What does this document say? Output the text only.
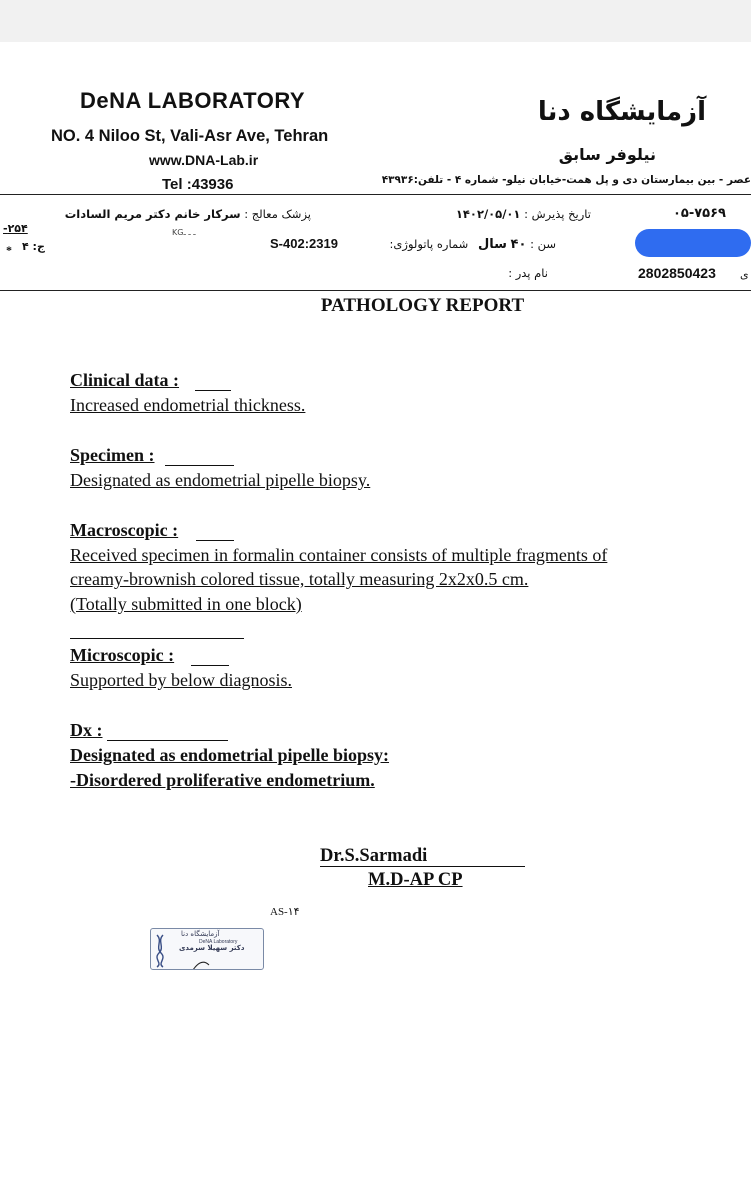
DeNA LABORATORY
NO. 4 Niloo St, Vali-Asr Ave, Tehran
www.DNA-Lab.ir
Tel :43936
آزمایشگاه دنا
نیلوفر سابق
عصر - بین بیمارستان دی و پل همت-خیابان نیلو- شماره ۴ - تلفن:۴۳۹۳۶
پزشک معالج : سرکار خانم دکتر مریم السادات
ـ ـ ـKG
تاریخ پذیرش : ۱۴۰۲/۰۵/۰۱	۰۵-۷۵۶۹
سن : ۴۰ سال شماره پاتولوژی:
S-402:2319
نام پدر :	2802850423 ی
۲۵۴-
ج: ۴
*
PATHOLOGY REPORT
Clinical data :
Increased endometrial thickness.
Specimen :
Designated as endometrial pipelle biopsy.
Macroscopic :
Received specimen in formalin container consists of multiple fragments of
creamy-brownish colored tissue, totally measuring 2x2x0.5 cm.
(Totally submitted in one block)
Microscopic :
Supported by below diagnosis.
Dx :
Designated as endometrial pipelle biopsy:
-Disordered proliferative endometrium.
Dr.S.Sarmadi
M.D-AP CP
AS-۱۴
آزمایشگاه دنا
DeNA Laboratory
دکتر سهیلا سرمدی
